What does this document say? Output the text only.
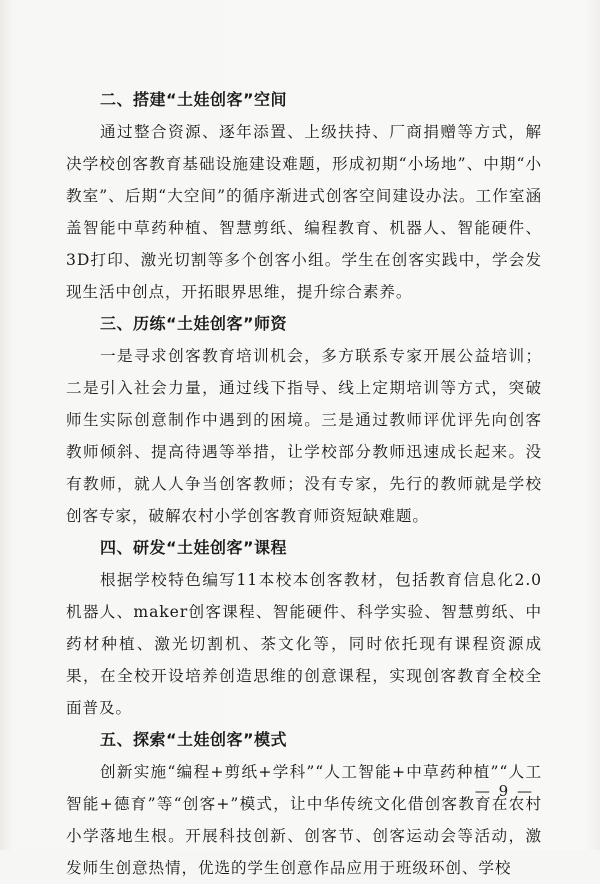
二、搭建“土娃创客”空间

通过整合资源、逐年添置、上级扶持、厂商捐赠等方式，解决学校创客教育基础设施建设难题，形成初期“小场地”、中期“小教室”、后期“大空间”的循序渐进式创客空间建设办法。工作室涵盖智能中草药种植、智慧剪纸、编程教育、机器人、智能硬件、3D打印、激光切割等多个创客小组。学生在创客实践中，学会发现生活中创点，开拓眼界思维，提升综合素养。

三、历练“土娃创客”师资

一是寻求创客教育培训机会，多方联系专家开展公益培训；二是引入社会力量，通过线下指导、线上定期培训等方式，突破师生实际创意制作中遇到的困境。三是通过教师评优评先向创客教师倾斜、提高待遇等举措，让学校部分教师迅速成长起来。没有教师，就人人争当创客教师；没有专家，先行的教师就是学校创客专家，破解农村小学创客教育师资短缺难题。

四、研发“土娃创客”课程

根据学校特色编写11本校本创客教材，包括教育信息化2.0机器人、maker创客课程、智能硬件、科学实验、智慧剪纸、中药材种植、激光切割机、茶文化等，同时依托现有课程资源成果，在全校开设培养创造思维的创意课程，实现创客教育全校全面普及。

五、探索“土娃创客”模式

创新实施“编程+剪纸+学科”“人工智能+中草药种植”“人工智能+德育”等“创客+”模式，让中华传统文化借创客教育在农村小学落地生根。开展科技创新、创客节、创客运动会等活动，激发师生创意热情，优选的学生创意作品应用于班级环创、学校

— 9 —
